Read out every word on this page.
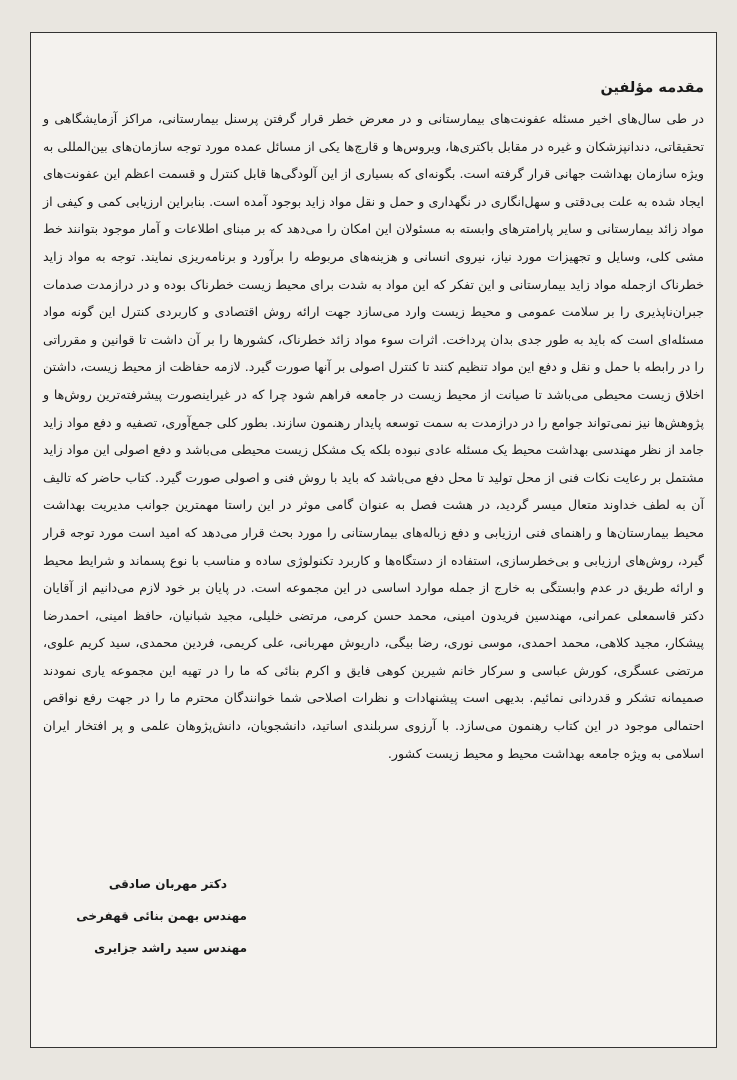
مقدمه مؤلفین

در طی سال‌های اخیر مسئله عفونت‌های بیمارستانی و در معرض خطر قرار گرفتن پرسنل بیمارستانی، مراکز آزمایشگاهی و تحقیقاتی، دندانپزشکان و غیره در مقابل باکتری‌ها، ویروس‌ها و قارچ‌ها یکی از مسائل عمده مورد توجه سازمان‌های بین‌المللی به ویژه سازمان بهداشت جهانی قرار گرفته است. بگونه‌ای که بسیاری از این آلودگی‌ها قابل کنترل و قسمت اعظم این عفونت‌های ایجاد شده به علت بی‌دقتی و سهل‌انگاری در نگهداری و حمل و نقل مواد زاید بوجود آمده است. بنابراین ارزیابی کمی و کیفی از مواد زائد بیمارستانی و سایر پارامترهای وابسته به مسئولان این امکان را می‌دهد که بر مبنای اطلاعات و آمار موجود بتوانند خط مشی کلی، وسایل و تجهیزات مورد نیاز، نیروی انسانی و هزینه‌های مربوطه را برآورد و برنامه‌ریزی نمایند. توجه به مواد زاید خطرناک ازجمله مواد زاید بیمارستانی و این تفکر که این مواد به شدت برای محیط زیست خطرناک بوده و در درازمدت صدمات جبران‌ناپذیری را بر سلامت عمومی و محیط زیست وارد می‌سازد جهت ارائه روش اقتصادی و کاربردی کنترل این گونه مواد مسئله‌ای است که باید به طور جدی بدان پرداخت. اثرات سوء مواد زائد خطرناک، کشورها را بر آن داشت تا قوانین و مقرراتی را در رابطه با حمل و نقل و دفع این مواد تنظیم کنند تا کنترل اصولی بر آنها صورت گیرد. لازمه حفاظت از محیط زیست، داشتن اخلاق زیست محیطی می‌باشد تا صیانت از محیط زیست در جامعه فراهم شود چرا که در غیراینصورت پیشرفته‌ترین روش‌ها و پژوهش‌ها نیز نمی‌تواند جوامع را در درازمدت به سمت توسعه پایدار رهنمون سازند. بطور کلی جمع‌آوری، تصفیه و دفع مواد زاید جامد از نظر مهندسی بهداشت محیط یک مسئله عادی نبوده بلکه یک مشکل زیست محیطی می‌باشد و دفع اصولی این مواد زاید مشتمل بر رعایت نکات فنی از محل تولید تا محل دفع می‌باشد که باید با روش فنی و اصولی صورت گیرد. کتاب حاضر که تالیف آن به لطف خداوند متعال میسر گردید، در هشت فصل به عنوان گامی موثر در این راستا مهمترین جوانب مدیریت بهداشت محیط بیمارستان‌ها و راهنمای فنی ارزیابی و دفع زباله‌های بیمارستانی را مورد بحث قرار می‌دهد که امید است مورد توجه قرار گیرد، روش‌های ارزیابی و بی‌خطرسازی، استفاده از دستگاه‌ها و کاربرد تکنولوژی ساده و مناسب با نوع پسماند و شرایط محیط و ارائه طریق در عدم وابستگی به خارج از جمله موارد اساسی در این مجموعه است. در پایان بر خود لازم می‌دانیم از آقایان دکتر قاسمعلی عمرانی، مهندسین فریدون امینی، محمد حسن کرمی، مرتضی خلیلی، مجید شبانیان، حافظ امینی، احمدرضا پیشکار، مجید کلاهی، محمد احمدی، موسی نوری، رضا بیگی، داریوش مهربانی، علی کریمی، فردین محمدی، سید کریم علوی، مرتضی عسگری، کورش عباسی و سرکار خانم شیرین کوهی فایق و اکرم بنائی که ما را در تهیه این مجموعه یاری نمودند صمیمانه تشکر و قدردانی نمائیم. بدیهی است پیشنهادات و نظرات اصلاحی شما خوانندگان محترم ما را در جهت رفع نواقص احتمالی موجود در این کتاب رهنمون می‌سازد. با آرزوی سربلندی اساتید، دانشجویان، دانش‌پژوهان علمی و پر افتخار ایران اسلامی به ویژه جامعه بهداشت محیط و محیط زیست کشور.

دکتر مهربان صادقی
مهندس بهمن بنائی قهفرخی
مهندس سید راشد جزایری
